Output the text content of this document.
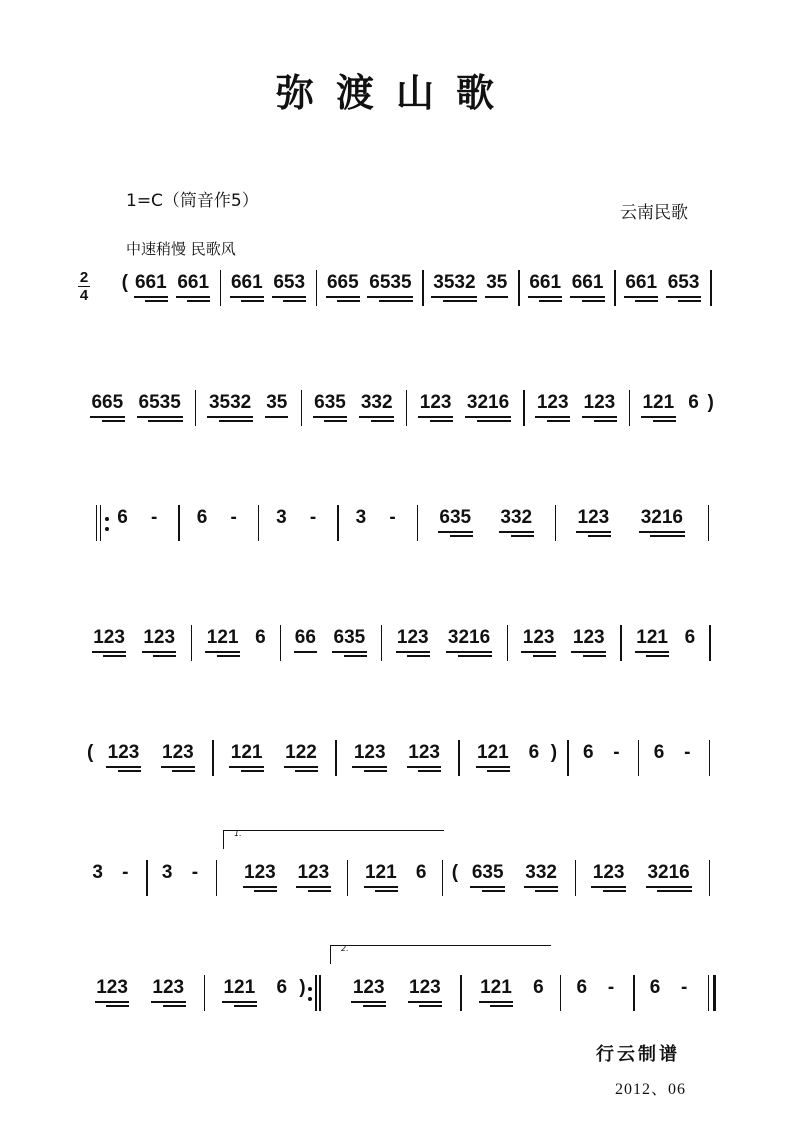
弥渡山歌
1=C（筒音作5）
云南民歌
中速稍慢 民歌风
2
4
( 661 661 661 653 665 6535 3532 35 661 661 661 653
665 6535	3532 35	635 332	123 3216	123 123	121 6 )
6	-	6	-	3	-	3	-	635	332	123	3216
123 123	121 6	66 635	123	3216	123 123	121 6
( 123	123	121	122	123	123	121	6 )	6	-	6	-
3	-	3	-
1.
123	123	121	6	( 635	332	123	3216
123	123	121	6 )
2.
123	123	121	6	6	-	6	-
行云制谱
2012、06
